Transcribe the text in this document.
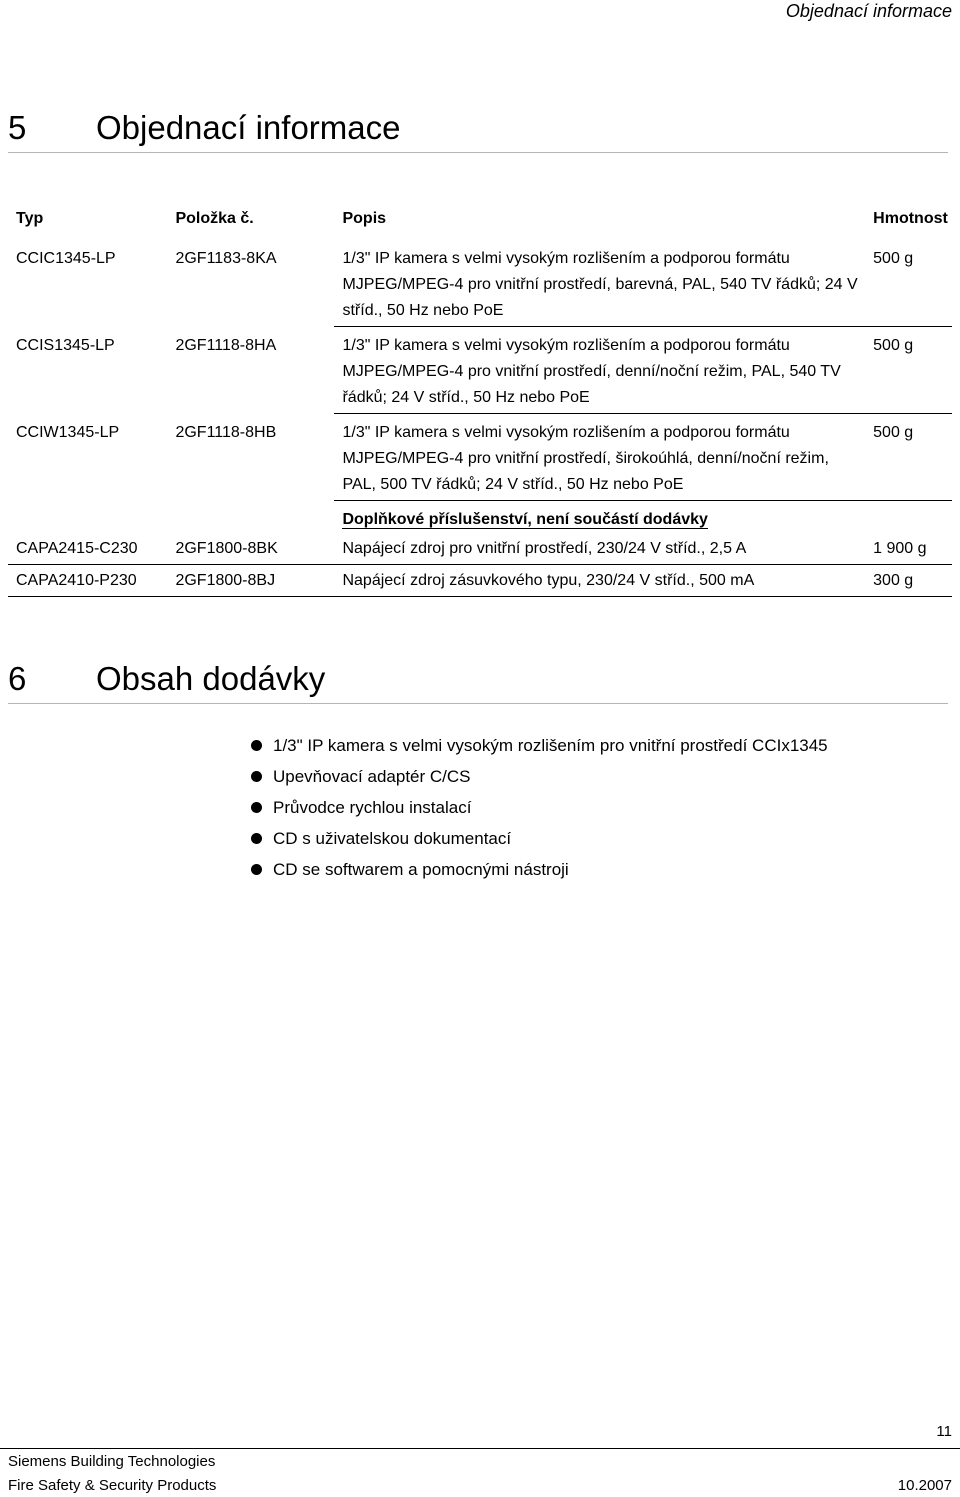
Objednací informace
5 Objednací informace
Typ	Položka č.	Popis	Hmotnost
CCIC1345-LP	2GF1183-8KA	1/3" IP kamera s velmi vysokým rozlišením a podporou formátu MJPEG/MPEG-4 pro vnitřní prostředí, barevná, PAL, 540 TV řádků; 24 V stříd., 50 Hz nebo PoE	500 g
CCIS1345-LP	2GF1118-8HA	1/3" IP kamera s velmi vysokým rozlišením a podporou formátu MJPEG/MPEG-4 pro vnitřní prostředí, denní/noční režim, PAL, 540 TV řádků; 24 V stříd., 50 Hz nebo PoE	500 g
CCIW1345-LP	2GF1118-8HB	1/3" IP kamera s velmi vysokým rozlišením a podporou formátu MJPEG/MPEG-4 pro vnitřní prostředí, širokoúhlá, denní/noční režim, PAL, 500 TV řádků; 24 V stříd., 50 Hz nebo PoE	500 g
		Doplňkové příslušenství, není součástí dodávky	
CAPA2415-C230	2GF1800-8BK	Napájecí zdroj pro vnitřní prostředí, 230/24 V stříd., 2,5 A	1 900 g
CAPA2410-P230	2GF1800-8BJ	Napájecí zdroj zásuvkového typu, 230/24 V stříd., 500 mA	300 g
6 Obsah dodávky
1/3" IP kamera s velmi vysokým rozlišením pro vnitřní prostředí CCIx1345
Upevňovací adaptér C/CS
Průvodce rychlou instalací
CD s uživatelskou dokumentací
CD se softwarem a pomocnými nástroji
11
Siemens Building Technologies
Fire Safety & Security Products	10.2007
